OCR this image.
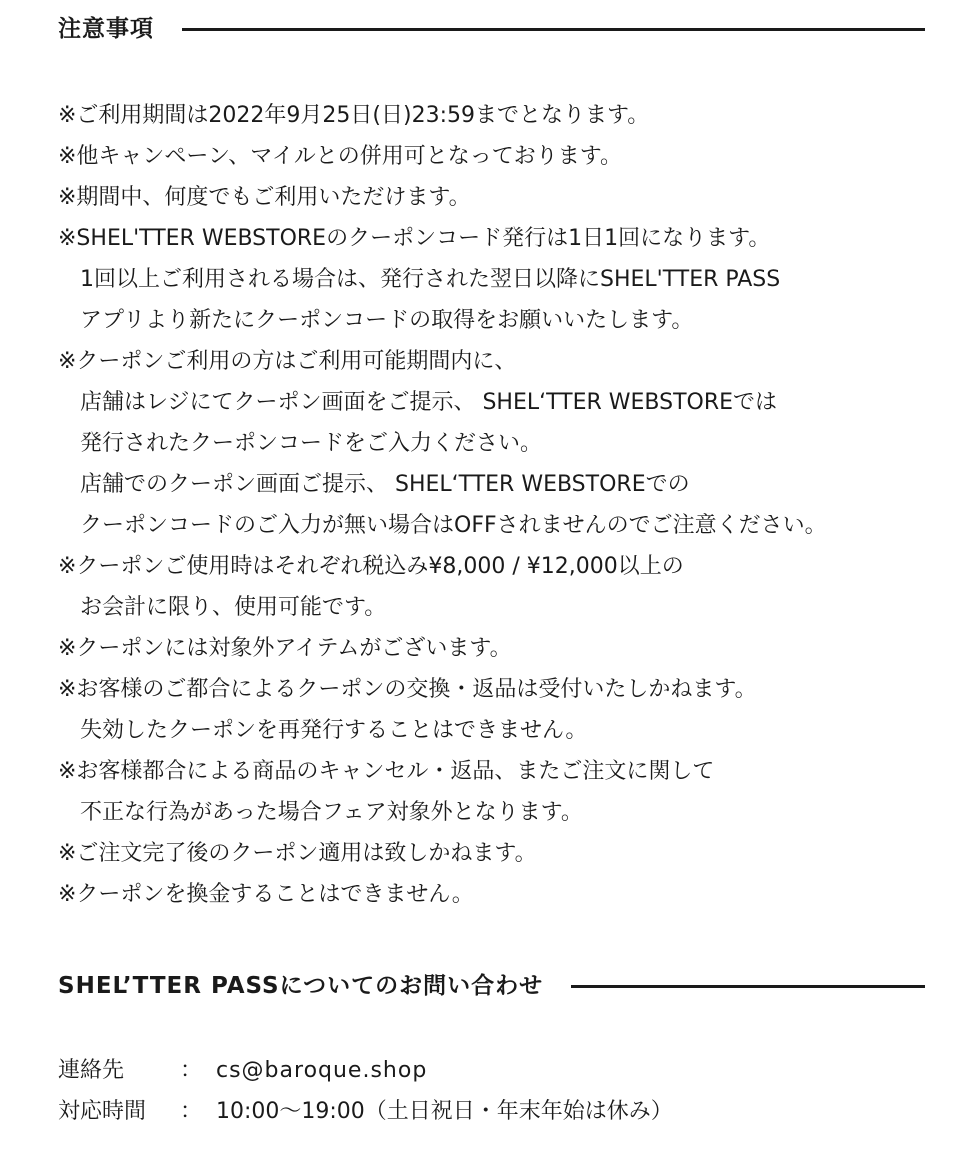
注意事項
※ご利用期間は2022年9月25日(日)23:59までとなります。
※他キャンペーン、マイルとの併用可となっております。
※期間中、何度でもご利用いただけます。
※SHEL'TTER WEBSTOREのクーポンコード発行は1日1回になります。
1回以上ご利用される場合は、発行された翌日以降にSHEL'TTER PASS
アプリより新たにクーポンコードの取得をお願いいたします。
※クーポンご利用の方はご利用可能期間内に、
店舗はレジにてクーポン画面をご提示、 SHEL‘TTER WEBSTOREでは
発行されたクーポンコードをご入力ください。
店舗でのクーポン画面ご提示、 SHEL‘TTER WEBSTOREでの
クーポンコードのご入力が無い場合はOFFされませんのでご注意ください。
※クーポンご使用時はそれぞれ税込み¥8,000 / ¥12,000以上の
お会計に限り、使用可能です。
※クーポンには対象外アイテムがございます。
※お客様のご都合によるクーポンの交換・返品は受付いたしかねます。
失効したクーポンを再発行することはできません。
※お客様都合による商品のキャンセル・返品、またご注文に関して
不正な行為があった場合フェア対象外となります。
※ご注文完了後のクーポン適用は致しかねます。
※クーポンを換金することはできません。
SHEL’TTER PASSについてのお問い合わせ
連絡先	： cs@baroque.shop
対応時間	： 10:00〜19:00（土日祝日・年末年始は休み）
